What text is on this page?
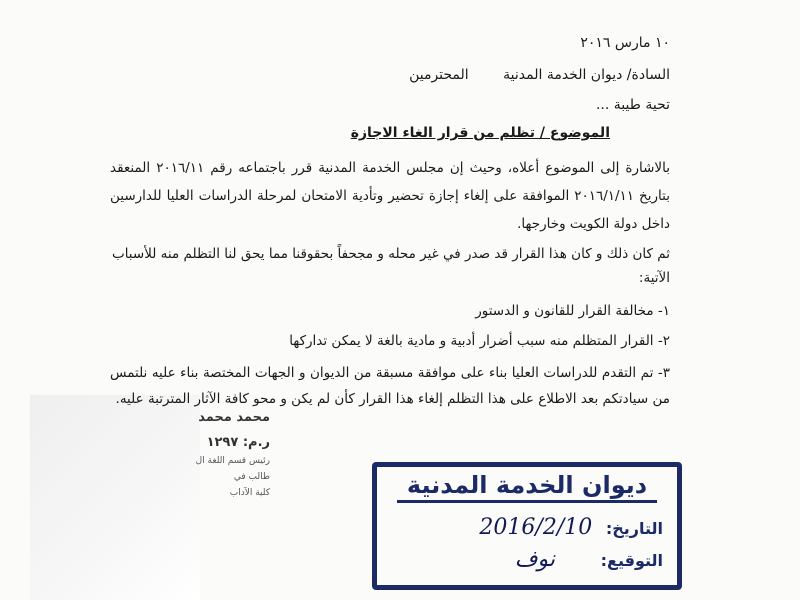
١٠ مارس ٢٠١٦
السادة/ ديوان الخدمة المدنية المحترمين
تحية طيبة ...
الموضوع / تظلم من قرار الغاء الاجازة
بالاشارة إلى الموضوع أعلاه، وحيث إن مجلس الخدمة المدنية قرر باجتماعه رقم ٢٠١٦/١١ المنعقد بتاريخ ٢٠١٦/١/١١ الموافقة على إلغاء إجازة تحضير وتأدية الامتحان لمرحلة الدراسات العليا للدارسين داخل دولة الكويت وخارجها.
ثم كان ذلك و كان هذا القرار قد صدر في غير محله و مجحفاً بحقوقنا مما يحق لنا التظلم منه للأسباب الآتية:
١- مخالفة القرار للقانون و الدستور
٢- القرار المتظلم منه سبب أضرار أدبية و مادية بالغة لا يمكن تداركها
٣- تم التقدم للدراسات العليا بناء على موافقة مسبقة من الديوان و الجهات المختصة بناء عليه نلتمس من سيادتكم بعد الاطلاع على هذا التظلم إلغاء هذا القرار كأن لم يكن و محو كافة الآثار المترتبة عليه.
محمد محمد
ر.م: ١٢٩٧
رئيس قسم اللغة ال
طالب في
كلية الآداب	ديوان الخدمة المدنية
التاريخ: 2016/2/10
التوقيع: نوف
